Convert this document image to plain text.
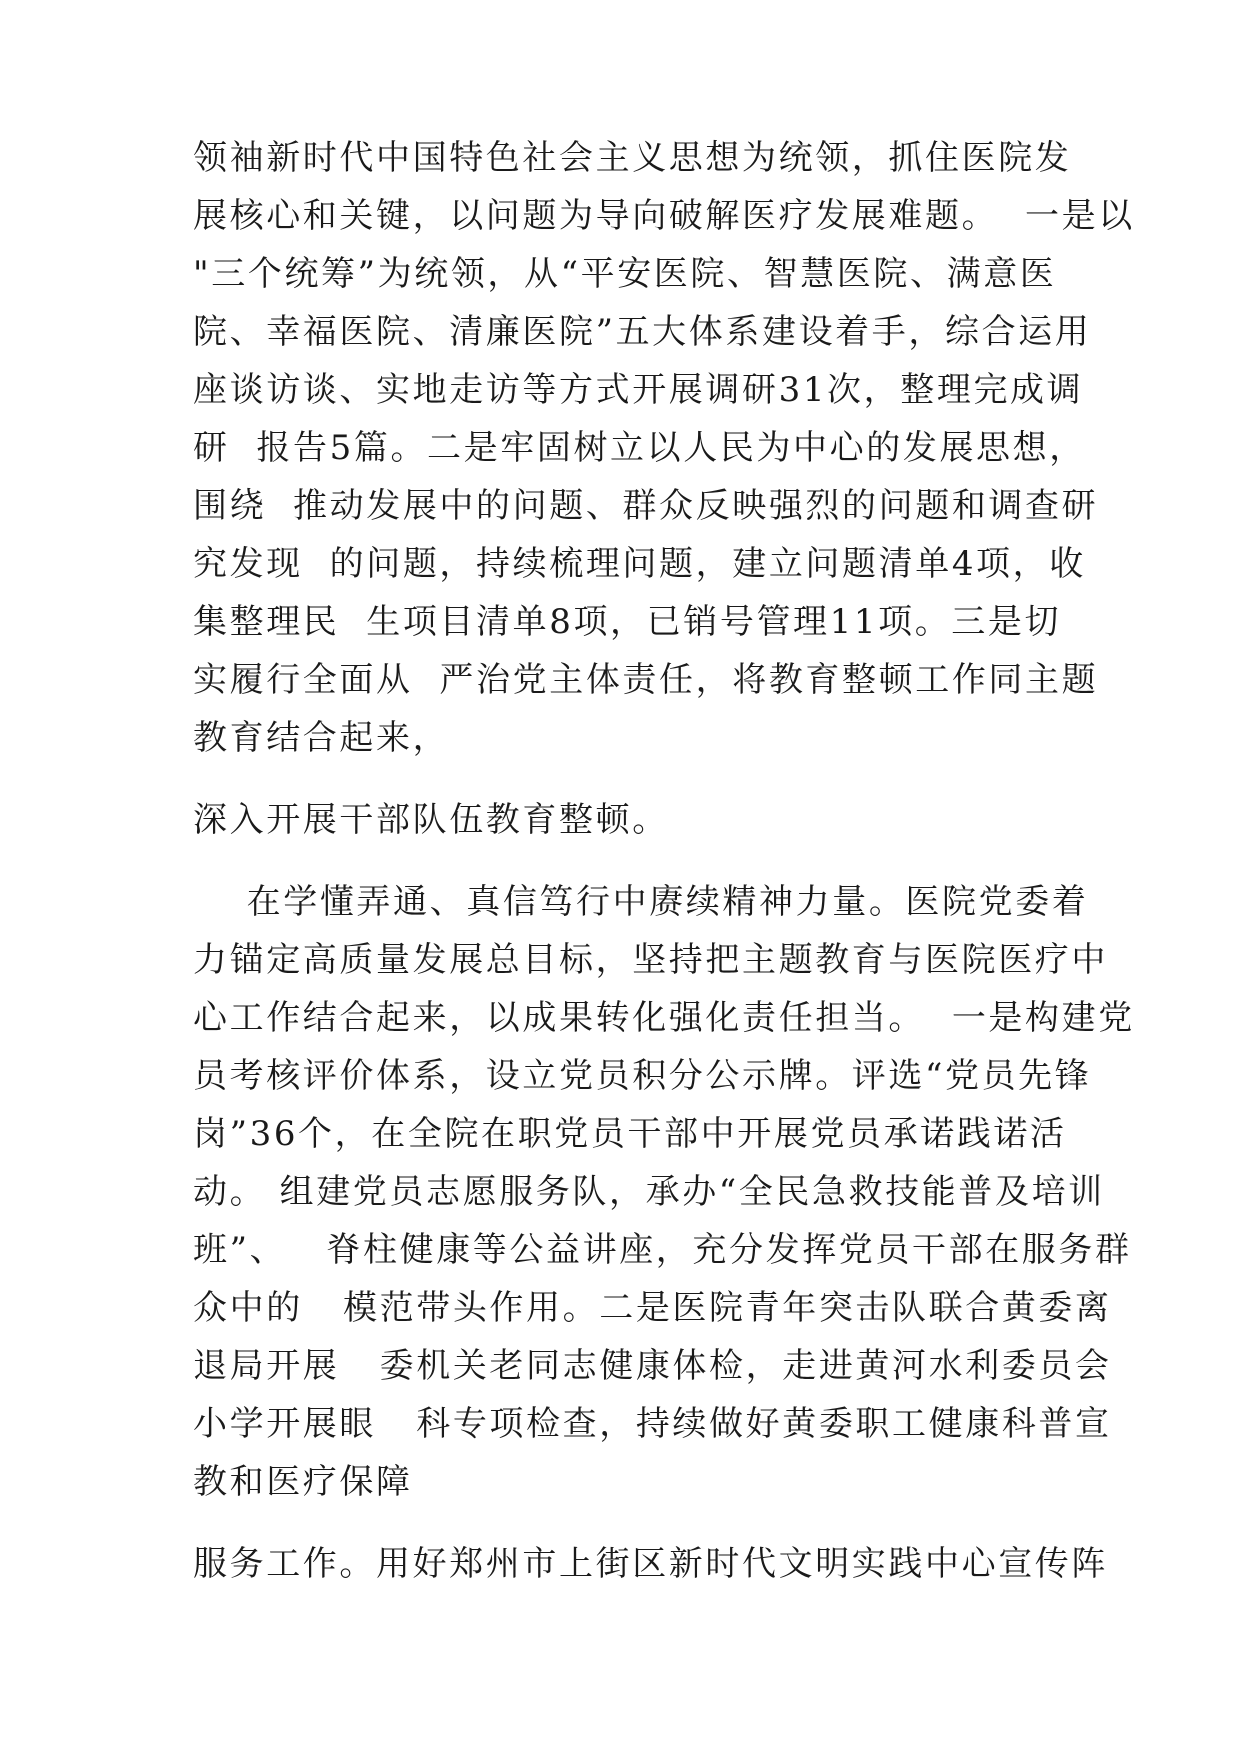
领袖新时代中国特色社会主义思想为统领，抓住医院发
展核心和关键，以问题为导向破解医疗发展难题。  一是以
"三个统筹”为统领，从“平安医院、智慧医院、满意医
院、幸福医院、清廉医院”五大体系建设着手，综合运用
座谈访谈、实地走访等方式开展调研31次，整理完成调
研  报告5篇。二是牢固树立以人民为中心的发展思想，
围绕  推动发展中的问题、群众反映强烈的问题和调查研
究发现  的问题，持续梳理问题，建立问题清单4项，收
集整理民  生项目清单8项，已销号管理11项。三是切
实履行全面从  严治党主体责任，将教育整顿工作同主题
教育结合起来，
深入开展干部队伍教育整顿。
在学懂弄通、真信笃行中赓续精神力量。医院党委着
力锚定高质量发展总目标，坚持把主题教育与医院医疗中
心工作结合起来，以成果转化强化责任担当。  一是构建党
员考核评价体系，设立党员积分公示牌。评选“党员先锋
岗”36个，在全院在职党员干部中开展党员承诺践诺活
动。 组建党员志愿服务队，承办“全民急救技能普及培训
班”、   脊柱健康等公益讲座，充分发挥党员干部在服务群
众中的   模范带头作用。二是医院青年突击队联合黄委离
退局开展   委机关老同志健康体检，走进黄河水利委员会
小学开展眼   科专项检查，持续做好黄委职工健康科普宣
教和医疗保障
服务工作。用好郑州市上街区新时代文明实践中心宣传阵
